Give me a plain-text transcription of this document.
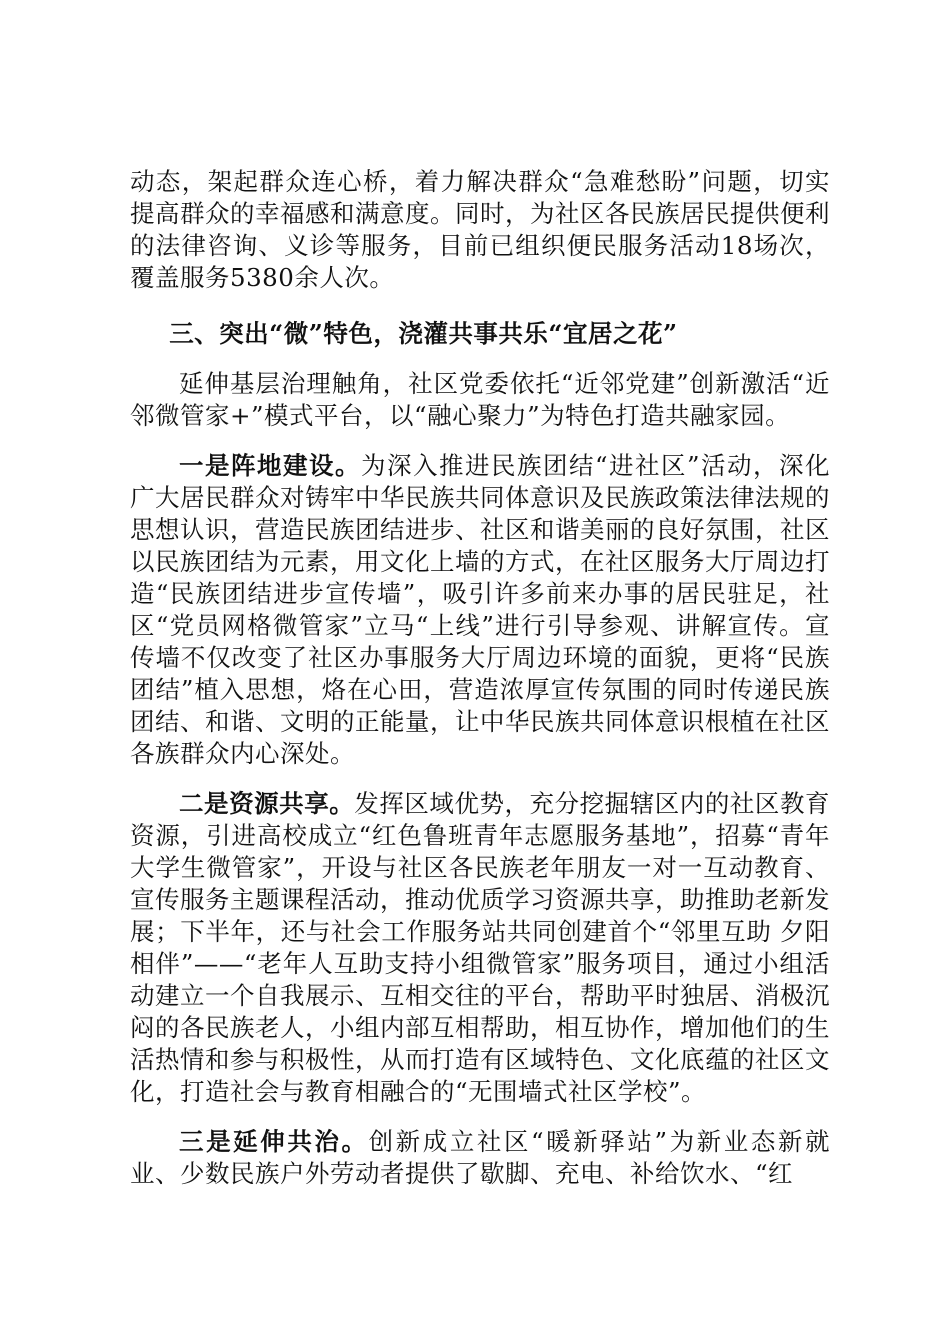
动态，架起群众连心桥，着力解决群众“急难愁盼”问题，切实提高群众的幸福感和满意度。同时，为社区各民族居民提供便利的法律咨询、义诊等服务，目前已组织便民服务活动18场次，覆盖服务5380余人次。

三、突出“微”特色，浇灌共事共乐“宜居之花”

延伸基层治理触角，社区党委依托“近邻党建”创新激活“近邻微管家+”模式平台，以“融心聚力”为特色打造共融家园。

一是阵地建设。为深入推进民族团结“进社区”活动，深化广大居民群众对铸牢中华民族共同体意识及民族政策法律法规的思想认识，营造民族团结进步、社区和谐美丽的良好氛围，社区以民族团结为元素，用文化上墙的方式，在社区服务大厅周边打造“民族团结进步宣传墙”，吸引许多前来办事的居民驻足，社区“党员网格微管家”立马“上线”进行引导参观、讲解宣传。宣传墙不仅改变了社区办事服务大厅周边环境的面貌，更将“民族团结”植入思想，烙在心田，营造浓厚宣传氛围的同时传递民族团结、和谐、文明的正能量，让中华民族共同体意识根植在社区各族群众内心深处。

二是资源共享。发挥区域优势，充分挖掘辖区内的社区教育资源，引进高校成立“红色鲁班青年志愿服务基地”，招募“青年大学生微管家”，开设与社区各民族老年朋友一对一互动教育、宣传服务主题课程活动，推动优质学习资源共享，助推助老新发展；下半年，还与社会工作服务站共同创建首个“邻里互助 夕阳相伴”——“老年人互助支持小组微管家”服务项目，通过小组活动建立一个自我展示、互相交往的平台，帮助平时独居、消极沉闷的各民族老人，小组内部互相帮助，相互协作，增加他们的生活热情和参与积极性，从而打造有区域特色、文化底蕴的社区文化，打造社会与教育相融合的“无围墙式社区学校”。

三是延伸共治。创新成立社区“暖新驿站”为新业态新就业、少数民族户外劳动者提供了歇脚、充电、补给饮水、“红
